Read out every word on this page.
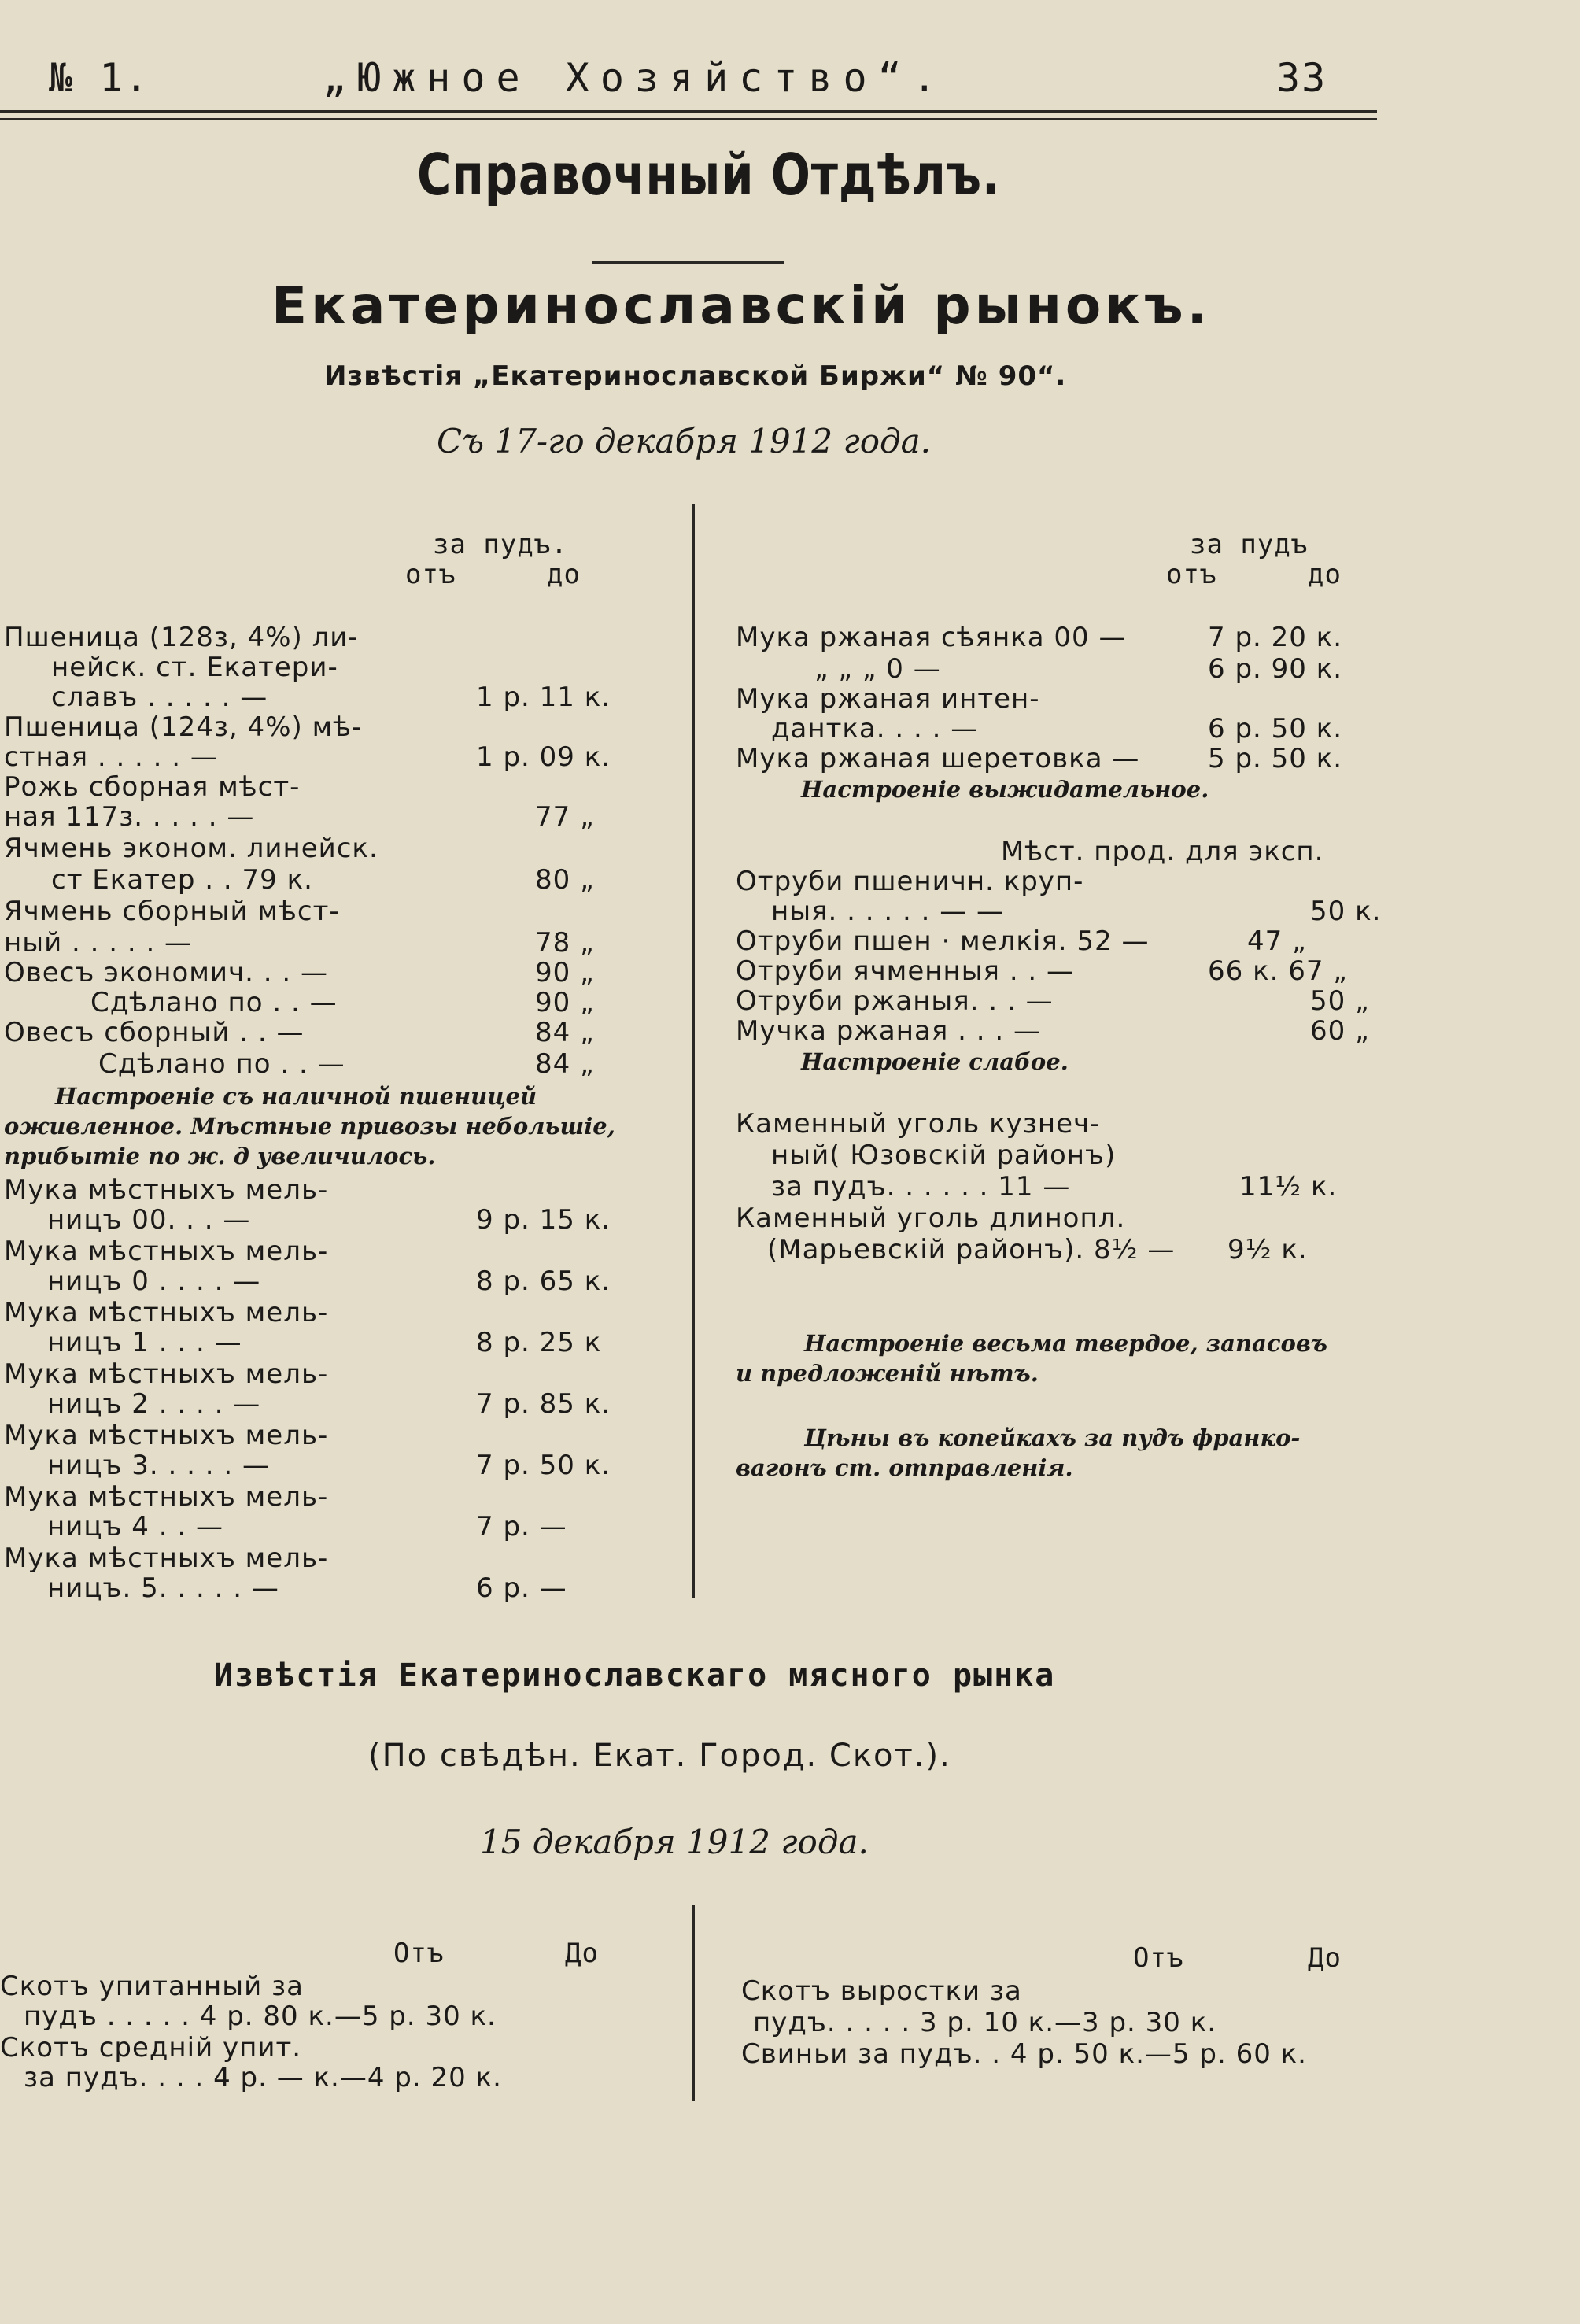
№ 1.	„Южное Хозяйство“.	33
Справочный Отдѣлъ.
Екатеринославскій рынокъ.
Извѣстія „Екатеринославской Биржи“ № 90“.
Съ 17-го декабря 1912 года.
за пудъ.
отъ	до
Пшеница (128з, 4%) ли-
нейск. ст. Екатери-
славъ . . . . . —	1 р. 11 к.
Пшеница (124з, 4%) мѣ-
стная . . . . . —	1 р. 09 к.
Рожь сборная мѣст-
ная 117з. . . . . —	77 „
Ячмень эконом. линейск.
ст Екатер . . 79 к.	80 „
Ячмень сборный мѣст-
ный . . . . . —	78 „
Овесъ экономич. . . —	90 „
Сдѣлано по . . —	90 „
Овесъ сборный . . —	84 „
Сдѣлано по . . —	84 „
Настроеніе съ наличной пшеницей
оживленное. Мѣстные привозы небольшіе,
прибытіе по ж. д увеличилось.
Мука мѣстныхъ мель-
ницъ 00. . . —	9 р. 15 к.
Мука мѣстныхъ мель-
ницъ 0 . . . . —	8 р. 65 к.
Мука мѣстныхъ мель-
ницъ 1 . . . —	8 р. 25 к
Мука мѣстныхъ мель-
ницъ 2 . . . . —	7 р. 85 к.
Мука мѣстныхъ мель-
ницъ 3. . . . . —	7 р. 50 к.
Мука мѣстныхъ мель-
ницъ 4 . . —	7 р. —
Мука мѣстныхъ мель-
ницъ. 5. . . . . —	6 р. —
за пудъ
отъ	до
Мука ржаная сѣянка 00 —	7 р. 20 к.
„ „ „ 0 —	6 р. 90 к.
Мука ржаная интен-
дантка. . . . —	6 р. 50 к.
Мука ржаная шеретовка —	5 р. 50 к.
Настроеніе выжидательное.
Мѣст. прод. для эксп.
Отруби пшеничн. круп-
ныя. . . . . . — —	50 к.
Отруби пшен · мелкія. 52 —	47 „
Отруби ячменныя . . —	66 к. 67 „
Отруби ржаныя. . . —	50 „
Мучка ржаная . . . —	60 „
Настроеніе слабое.
Каменный уголь кузнеч-
ный( Юзовскій районъ)
за пудъ. . . . . . 11 —	11½ к.
Каменный уголь длинопл.
(Марьевскій районъ). 8½ — 9½ к.
Настроеніе весьма твердое, запасовъ
и предложеній нѣтъ.
Цѣны въ копейкахъ за пудъ франко-
вагонъ ст. отправленія.
Извѣстія Екатеринославскаго мясного рынка
(По свѣдѣн. Екат. Город. Скот.).
15 декабря 1912 года.
Отъ	До
Скотъ упитанный за
пудъ . . . . . 4 р. 80 к.—5 р. 30 к.
Скотъ средній упит.
за пудъ. . . . 4 р. — к.—4 р. 20 к.
Отъ	До
Скотъ выростки за
пудъ. . . . . 3 р. 10 к.—3 р. 30 к.
Свиньи за пудъ. . 4 р. 50 к.—5 р. 60 к.
